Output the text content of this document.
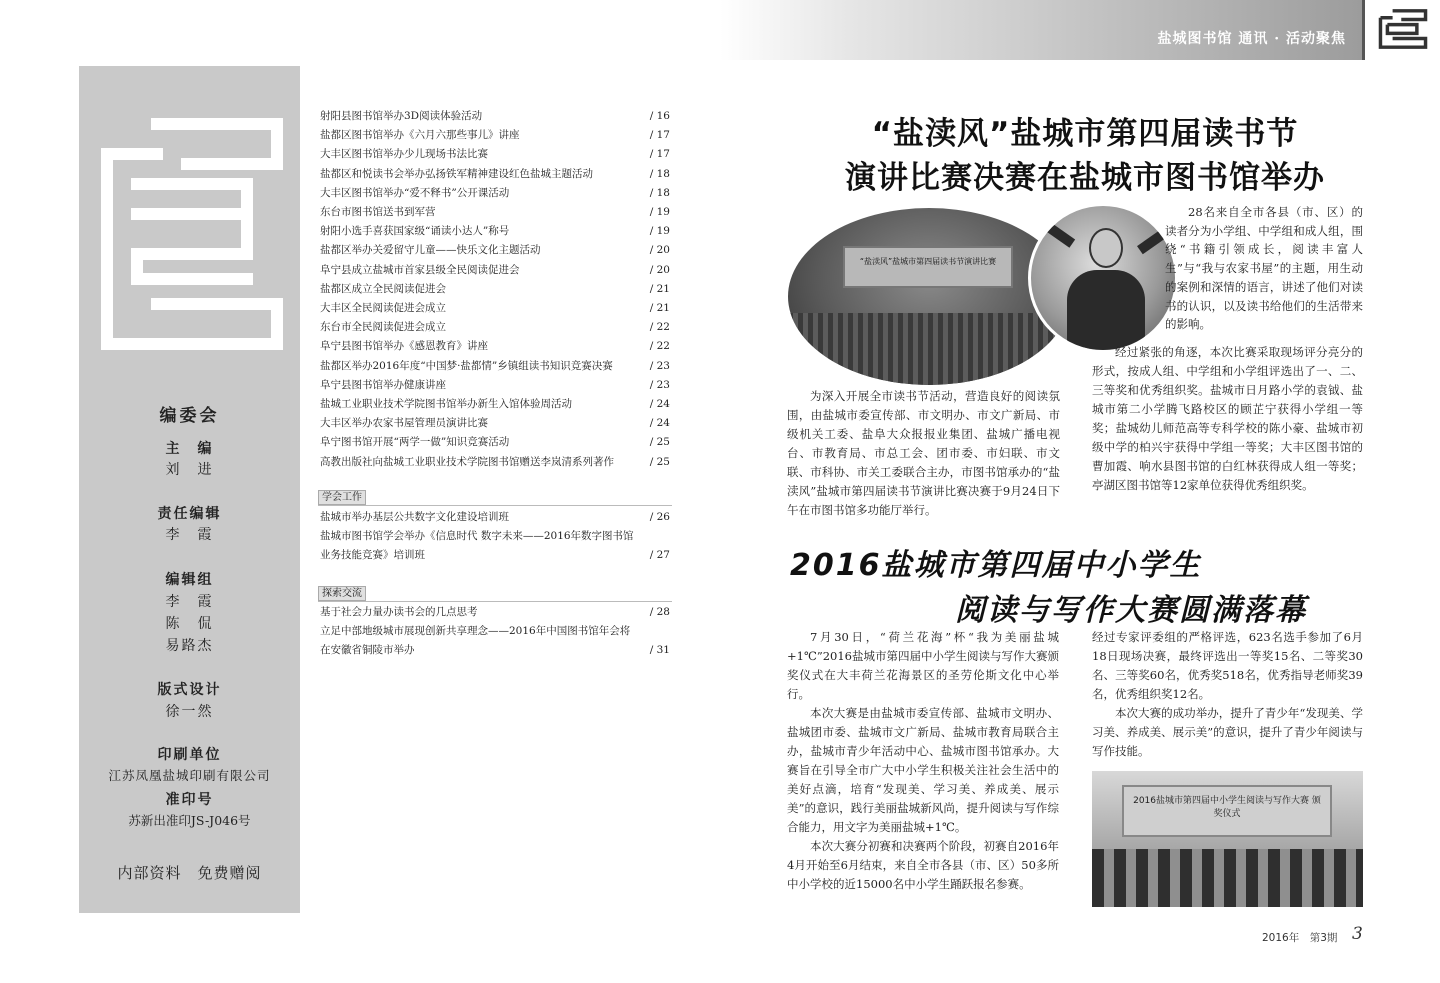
编委会
主　编
刘　进
责任编辑
李　霞
编辑组
李　霞
陈　侃
易路杰
版式设计
徐一然
印刷单位
江苏凤凰盐城印刷有限公司
准印号
苏新出准印JS-J046号
内部资料　免费赠阅
射阳县图书馆举办3D阅读体验活动	/ 16
盐都区图书馆举办《六月六那些事儿》讲座	/ 17
大丰区图书馆举办少儿现场书法比赛	/ 17
盐都区和悦读书会举办弘扬铁军精神建设红色盐城主题活动	/ 18
大丰区图书馆举办“爱不释书”公开课活动	/ 18
东台市图书馆送书到军营	/ 19
射阳小选手喜获国家级“诵读小达人”称号	/ 19
盐都区举办关爱留守儿童——快乐文化主题活动	/ 20
阜宁县成立盐城市首家县级全民阅读促进会	/ 20
盐都区成立全民阅读促进会	/ 21
大丰区全民阅读促进会成立	/ 21
东台市全民阅读促进会成立	/ 22
阜宁县图书馆举办《感恩教育》讲座	/ 22
盐都区举办2016年度“中国梦·盐都情”乡镇组读书知识竞赛决赛	/ 23
阜宁县图书馆举办健康讲座	/ 23
盐城工业职业技术学院图书馆举办新生入馆体验周活动	/ 24
大丰区举办农家书屋管理员演讲比赛	/ 24
阜宁图书馆开展“两学一做”知识竞赛活动	/ 25
高教出版社向盐城工业职业技术学院图书馆赠送李岚清系列著作	/ 25
学会工作
盐城市举办基层公共数字文化建设培训班	/ 26
盐城市图书馆学会举办《信息时代 数字未来——2016年数字图书馆
业务技能竞赛》培训班	/ 27
探索交流
基于社会力量办读书会的几点思考	/ 28
立足中部地级城市展现创新共享理念——2016年中国图书馆年会将
在安徽省铜陵市举办	/ 31
盐城图书馆 通讯 · 活动聚焦
“盐渎风”盐城市第四届读书节
演讲比赛决赛在盐城市图书馆举办
“盐渎风”盐城市第四届读书节演讲比赛

28名来自全市各县（市、区）的读者分为小学组、中学组和成人组，围绕“书籍引领成长，阅读丰富人生”与“我与农家书屋”的主题，用生动的案例和深情的语言，讲述了他们对读书的认识，以及读书给他们的生活带来的影响。

为深入开展全市读书节活动，营造良好的阅读氛围，由盐城市委宣传部、市文明办、市文广新局、市级机关工委、盐阜大众报报业集团、盐城广播电视台、市教育局、市总工会、团市委、市妇联、市文联、市科协、市关工委联合主办，市图书馆承办的“盐渎风”盐城市第四届读书节演讲比赛决赛于9月24日下午在市图书馆多功能厅举行。

经过紧张的角逐，本次比赛采取现场评分亮分的形式，按成人组、中学组和小学组评选出了一、二、三等奖和优秀组织奖。盐城市日月路小学的袁钺、盐城市第二小学腾飞路校区的顾芷宁获得小学组一等奖；盐城幼儿师范高等专科学校的陈小豪、盐城市初级中学的柏兴宇获得中学组一等奖；大丰区图书馆的曹加霞、响水县图书馆的白红林获得成人组一等奖；亭湖区图书馆等12家单位获得优秀组织奖。

2016盐城市第四届中小学生
阅读与写作大赛圆满落幕

7月30日，“荷兰花海”杯“我为美丽盐城+1℃”2016盐城市第四届中小学生阅读与写作大赛颁奖仪式在大丰荷兰花海景区的圣劳伦斯文化中心举行。

本次大赛是由盐城市委宣传部、盐城市文明办、盐城团市委、盐城市文广新局、盐城市教育局联合主办，盐城市青少年活动中心、盐城市图书馆承办。大赛旨在引导全市广大中小学生积极关注社会生活中的美好点滴，培育“发现美、学习美、养成美、展示美”的意识，践行美丽盐城新风尚，提升阅读与写作综合能力，用文字为美丽盐城+1℃。

本次大赛分初赛和决赛两个阶段，初赛自2016年4月开始至6月结束，来自全市各县（市、区）50多所中小学校的近15000名中小学生踊跃报名参赛。

经过专家评委组的严格评选，623名选手参加了6月18日现场决赛，最终评选出一等奖15名、二等奖30名、三等奖60名，优秀奖518名，优秀指导老师奖39名，优秀组织奖12名。

本次大赛的成功举办，提升了青少年“发现美、学习美、养成美、展示美”的意识，提升了青少年阅读与写作技能。

2016盐城市第四届中小学生阅读与写作大赛 颁奖仪式
2016年　第3期 3
